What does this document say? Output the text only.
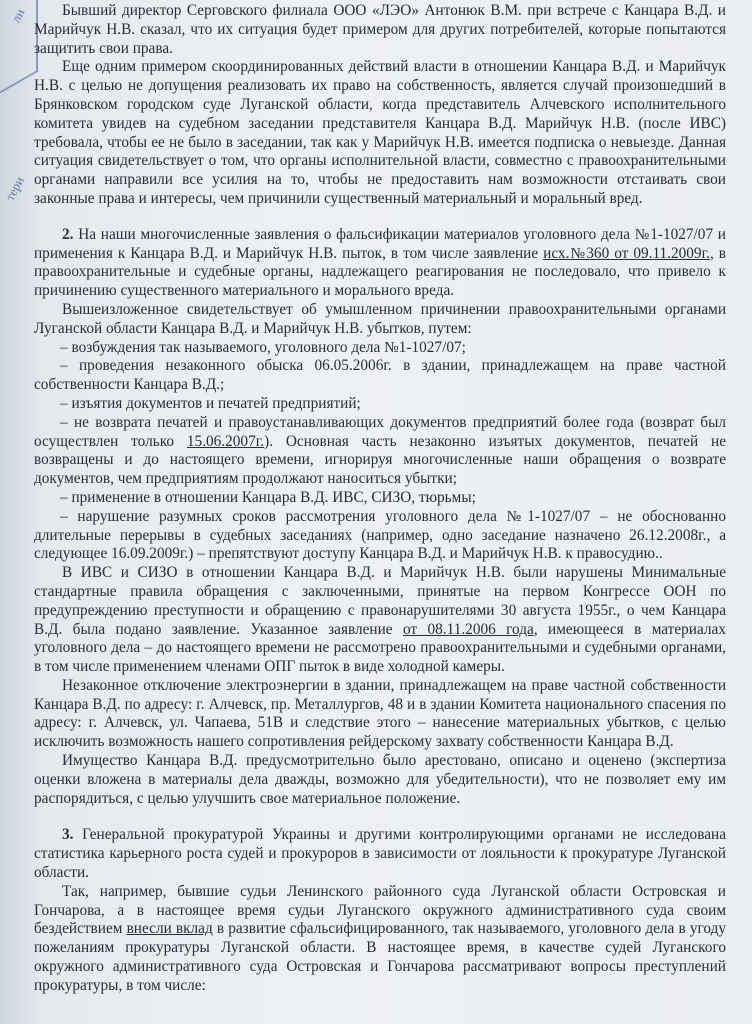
ли
тери

Бывший директор Серговского филиала ООО «ЛЭО» Антонюк В.М. при встрече с Канцара В.Д. и Марийчук Н.В. сказал, что их ситуация будет примером для других потребителей, которые попытаются защитить свои права.

Еще одним примером скоординированных действий власти в отношении Канцара В.Д. и Марийчук Н.В. с целью не допущения реализовать их право на собственность, является случай произошедший в Брянковском городском суде Луганской области, когда представитель Алчевского исполнительного комитета увидев на судебном заседании представителя Канцара В.Д. Марийчук Н.В. (после ИВС) требовала, чтобы ее не было в заседании, так как у Марийчук Н.В. имеется подписка о невыезде. Данная ситуация свидетельствует о том, что органы исполнительной власти, совместно с правоохранительными органами направили все усилия на то, чтобы не предоставить нам возможности отстаивать свои законные права и интересы, чем причинили существенный материальный и моральный вред.

2. На наши многочисленные заявления о фальсификации материалов уголовного дела №1-1027/07 и применения к Канцара В.Д. и Марийчук Н.В. пыток, в том числе заявление исх.№360 от 09.11.2009г., в правоохранительные и судебные органы, надлежащего реагирования не последовало, что привело к причинению существенного материального и морального вреда.

Вышеизложенное свидетельствует об умышленном причинении правоохранительными органами Луганской области Канцара В.Д. и Марийчук Н.В. убытков, путем:

– возбуждения так называемого, уголовного дела №1-1027/07;

– проведения незаконного обыска 06.05.2006г. в здании, принадлежащем на праве частной собственности Канцара В.Д.;

– изъятия документов и печатей предприятий;

– не возврата печатей и правоустанавливающих документов предприятий более года (возврат был осуществлен только 15.06.2007г.). Основная часть незаконно изъятых документов, печатей не возвращены и до настоящего времени, игнорируя многочисленные наши обращения о возврате документов, чем предприятиям продолжают наноситься убытки;

– применение в отношении Канцара В.Д. ИВС, СИЗО, тюрьмы;

– нарушение разумных сроков рассмотрения уголовного дела №1-1027/07 – не обоснованно длительные перерывы в судебных заседаниях (например, одно заседание назначено 26.12.2008г., а следующее 16.09.2009г.) – препятствуют доступу Канцара В.Д. и Марийчук Н.В. к правосудию..

В ИВС и СИЗО в отношении Канцара В.Д. и Марийчук Н.В. были нарушены Минимальные стандартные правила обращения с заключенными, принятые на первом Конгрессе ООН по предупреждению преступности и обращению с правонарушителями 30 августа 1955г., о чем Канцара В.Д. была подано заявление. Указанное заявление от 08.11.2006 года, имеющееся в материалах уголовного дела – до настоящего времени не рассмотрено правоохранительными и судебными органами, в том числе применением членами ОПГ пыток в виде холодной камеры.

Незаконное отключение электроэнергии в здании, принадлежащем на праве частной собственности Канцара В.Д. по адресу: г. Алчевск, пр. Металлургов, 48 и в здании Комитета национального спасения по адресу: г. Алчевск, ул. Чапаева, 51В и следствие этого – нанесение материальных убытков, с целью исключить возможность нашего сопротивления рейдерскому захвату собственности Канцара В.Д.

Имущество Канцара В.Д. предусмотрительно было арестовано, описано и оценено (экспертиза оценки вложена в материалы дела дважды, возможно для убедительности), что не позволяет ему им распорядиться, с целью улучшить свое материальное положение.

3. Генеральной прокуратурой Украины и другими контролирующими органами не исследована статистика карьерного роста судей и прокуроров в зависимости от лояльности к прокуратуре Луганской области.

Так, например, бывшие судьи Ленинского районного суда Луганской области Островская и Гончарова, а в настоящее время судьи Луганского окружного административного суда своим бездействием внесли вклад в развитие сфальсифицированного, так называемого, уголовного дела в угоду пожеланиям прокуратуры Луганской области. В настоящее время, в качестве судей Луганского окружного административного суда Островская и Гончарова рассматривают вопросы преступлений прокуратуры, в том числе:
